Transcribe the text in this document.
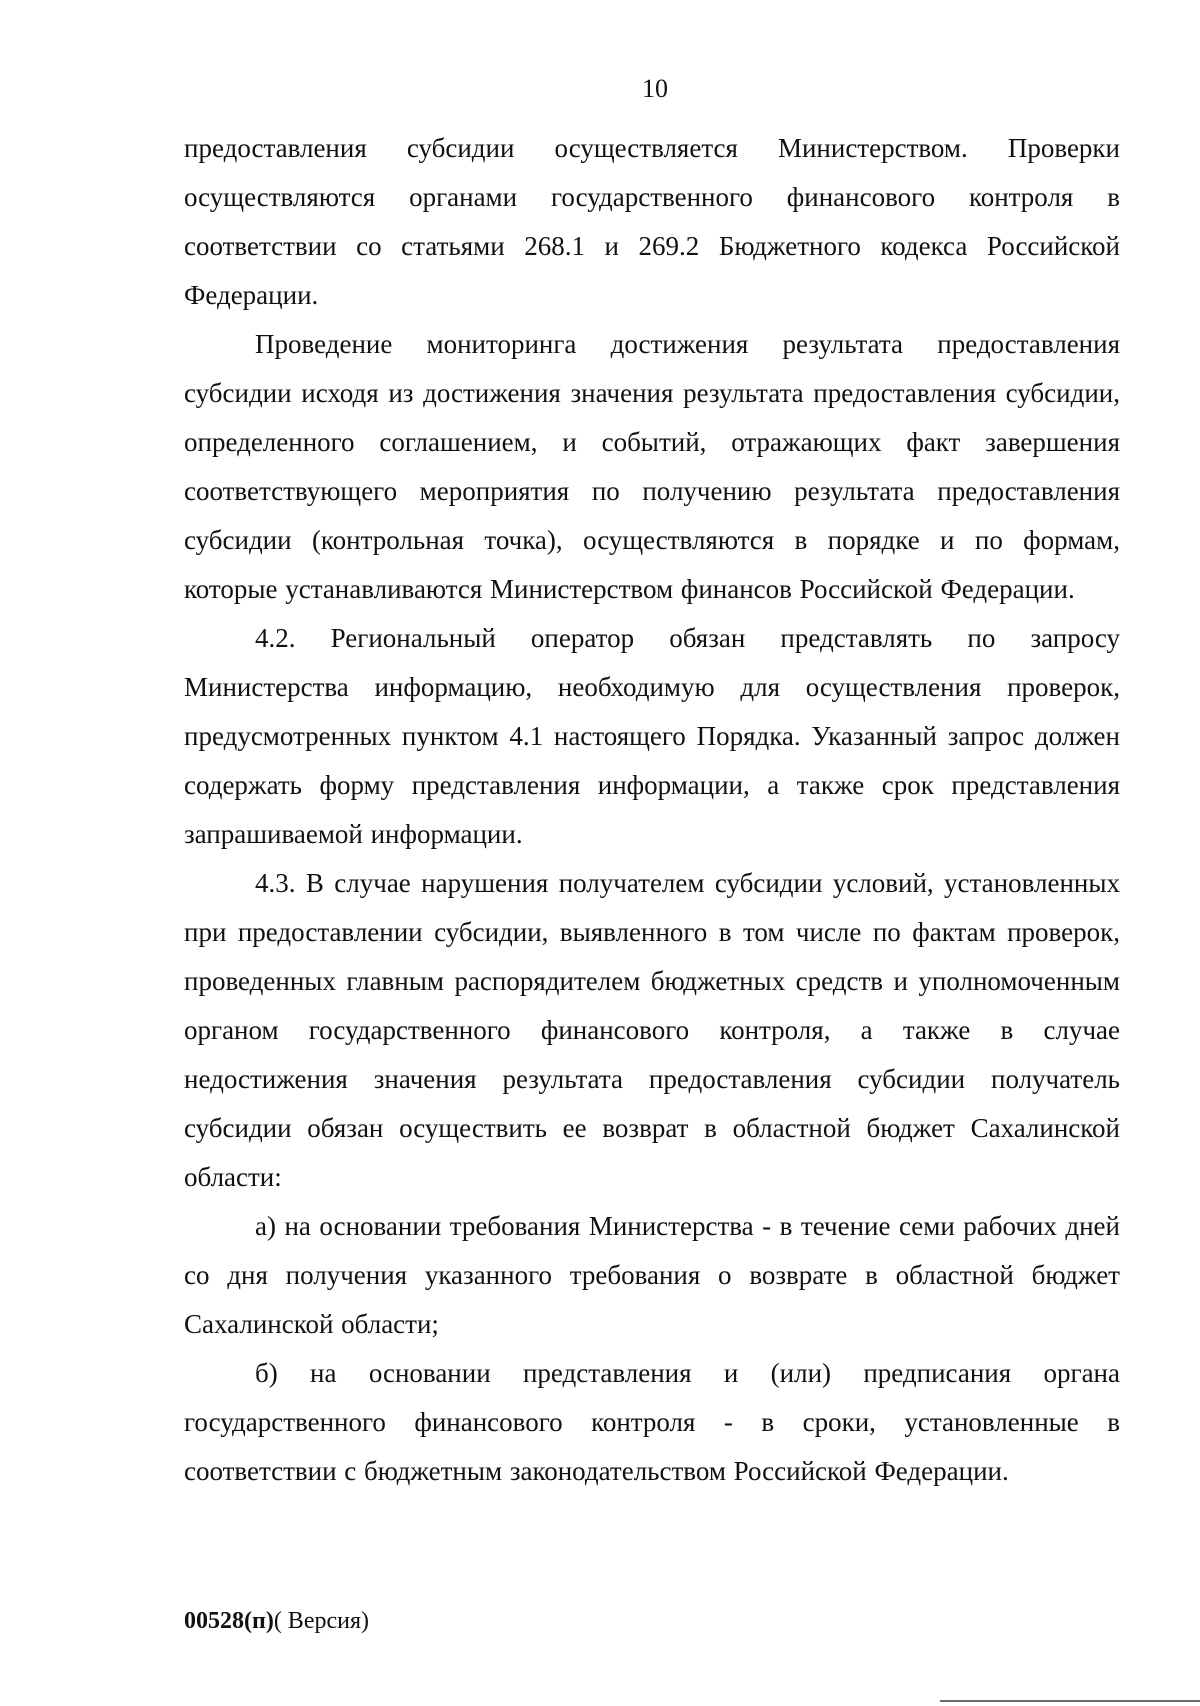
10

предоставления субсидии осуществляется Министерством. Проверки осуществляются органами государственного финансового контроля в соответствии со статьями 268.1 и 269.2 Бюджетного кодекса Российской Федерации.

Проведение мониторинга достижения результата предоставления субсидии исходя из достижения значения результата предоставления субсидии, определенного соглашением, и событий, отражающих факт завершения соответствующего мероприятия по получению результата предоставления субсидии (контрольная точка), осуществляются в порядке и по формам, которые устанавливаются Министерством финансов Российской Федерации.

4.2. Региональный оператор обязан представлять по запросу Министерства информацию, необходимую для осуществления проверок, предусмотренных пунктом 4.1 настоящего Порядка. Указанный запрос должен содержать форму представления информации, а также срок представления запрашиваемой информации.

4.3. В случае нарушения получателем субсидии условий, установленных при предоставлении субсидии, выявленного в том числе по фактам проверок, проведенных главным распорядителем бюджетных средств и уполномоченным органом государственного финансового контроля, а также в случае недостижения значения результата предоставления субсидии получатель субсидии обязан осуществить ее возврат в областной бюджет Сахалинской области:

а) на основании требования Министерства - в течение семи рабочих дней со дня получения указанного требования о возврате в областной бюджет Сахалинской области;

б) на основании представления и (или) предписания органа государственного финансового контроля - в сроки, установленные в соответствии с бюджетным законодательством Российской Федерации.

00528(п)( Версия)
